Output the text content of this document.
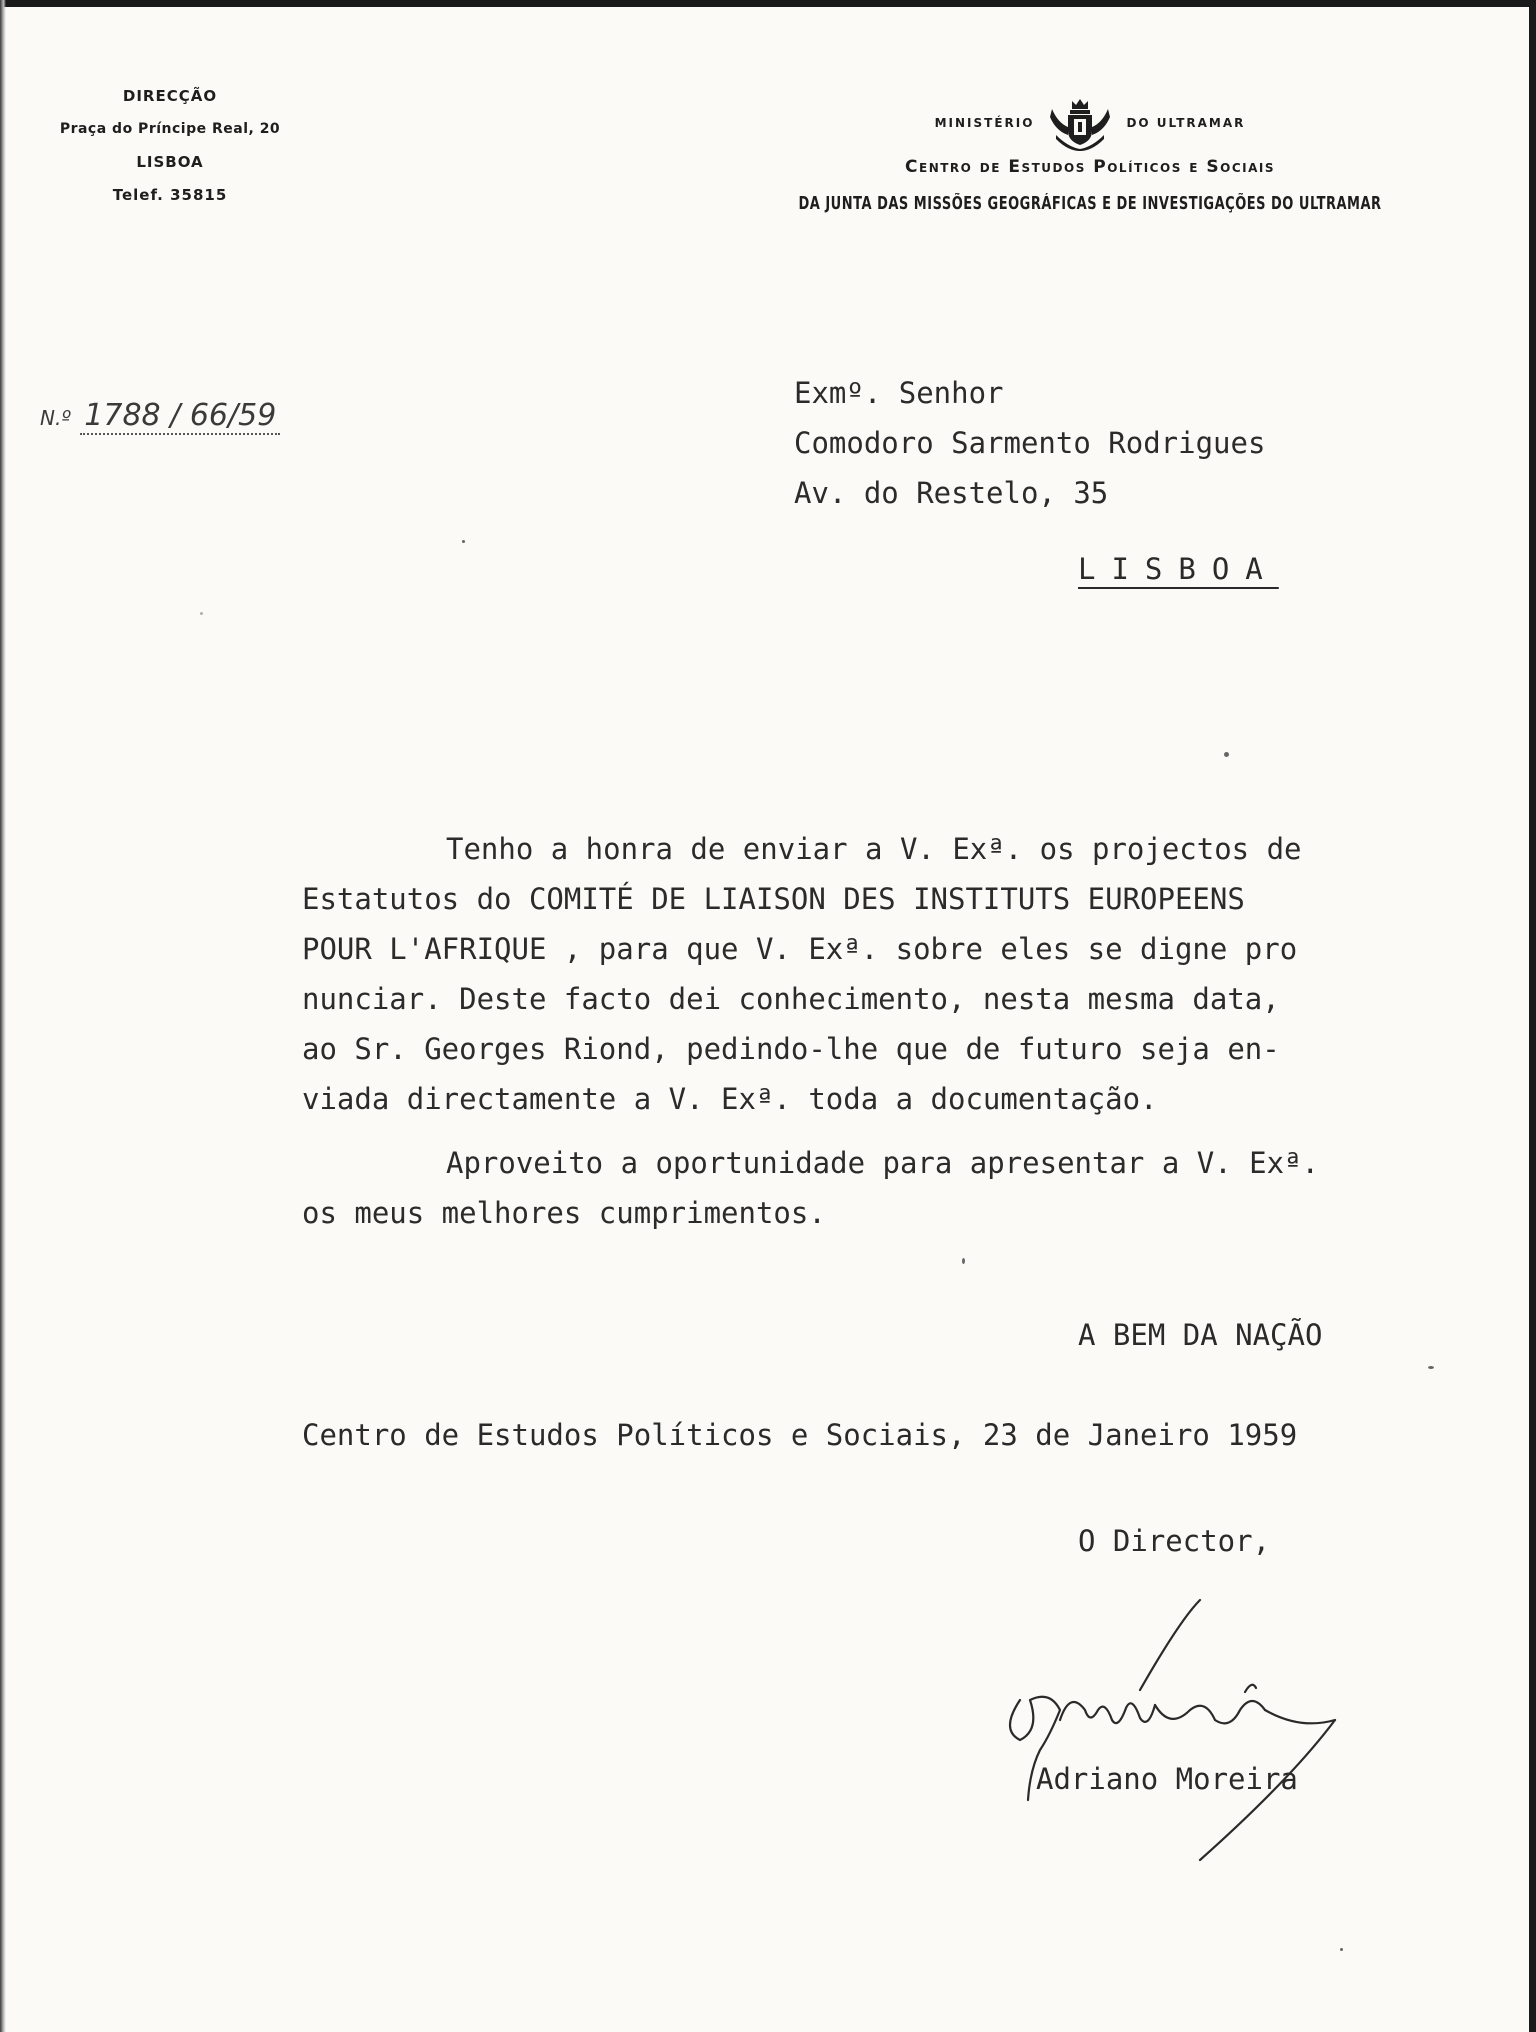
DIRECÇÃO
Praça do Príncipe Real, 20
LISBOA
Telef. 35815
MINISTÉRIO	DO ULTRAMAR
Centro de Estudos Políticos e Sociais
DA JUNTA DAS MISSÕES GEOGRÁFICAS E DE INVESTIGAÇÕES DO ULTRAMAR
N.º 1788 / 66/59
Exmº. Senhor
Comodoro Sarmento Rodrigues
Av. do Restelo, 35
LISBOA
Tenho a honra de enviar a V. Exª. os projectos de
Estatutos do COMITÉ DE LIAISON DES INSTITUTS EUROPEENS
POUR L'AFRIQUE , para que V. Exª. sobre eles se digne pro
nunciar. Deste facto dei conhecimento, nesta mesma data,
ao Sr. Georges Riond, pedindo-lhe que de futuro seja en-
viada directamente a V. Exª. toda a documentação.
Aproveito a oportunidade para apresentar a V. Exª.
os meus melhores cumprimentos.
A BEM DA NAÇÃO
Centro de Estudos Políticos e Sociais, 23 de Janeiro 1959
O Director,
Adriano Moreira
